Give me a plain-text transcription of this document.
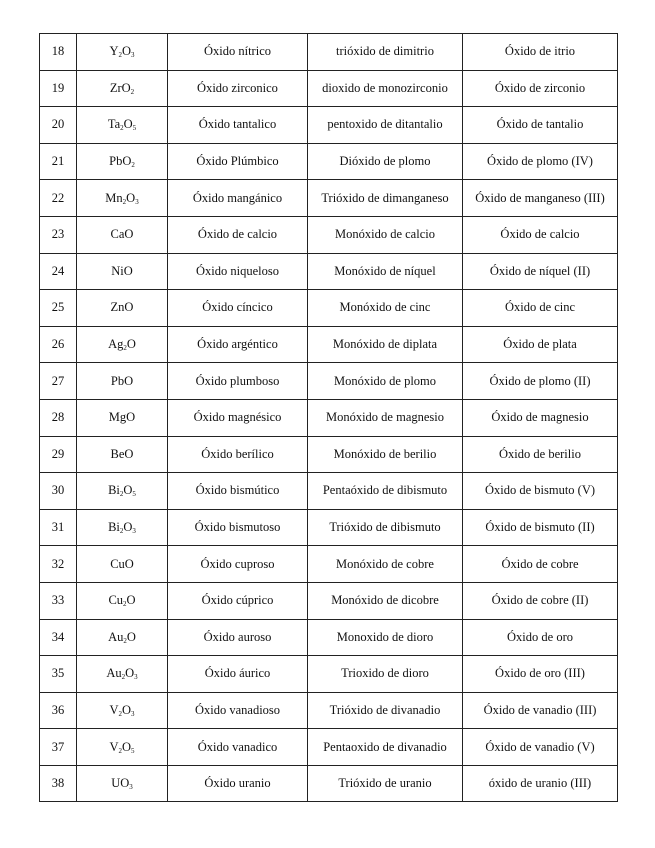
18	$Y_2O_3$	Óxido nítrico	trióxido de dimitrio	Óxido de itrio
19	ZrO$_2$	Óxido zirconico	dioxido de monozirconio	Óxido de zirconio
20	$Ta_2O_5$	Óxido tantalico	pentoxido de ditantalio	Óxido de tantalio
21	PbO$_2$	Óxido Plúmbico	Dióxido de plomo	Óxido de plomo (IV)
22	$Mn_2O_3$	Óxido mangánico	Trióxido de dimanganeso	Óxido de manganeso (III)
23	CaO	Óxido de calcio	Monóxido de calcio	Óxido de calcio
24	NiO	Óxido niqueloso	Monóxido de níquel	Óxido de níquel (II)
25	ZnO	Óxido cíncico	Monóxido de cinc	Óxido de cinc
26	$Ag_2O$	Óxido argéntico	Monóxido de diplata	Óxido de plata
27	PbO	Óxido plumboso	Monóxido de plomo	Óxido de plomo (II)
28	MgO	Óxido magnésico	Monóxido de magnesio	Óxido de magnesio
29	BeO	Óxido berílico	Monóxido de berilio	Óxido de berilio
30	$Bi_2O_5$	Óxido bismútico	Pentaóxido de dibismuto	Óxido de bismuto (V)
31	$Bi_2O_3$	Óxido bismutoso	Trióxido de dibismuto	Óxido de bismuto (II)
32	CuO	Óxido cuproso	Monóxido de cobre	Óxido de cobre
33	$Cu_2O$	Óxido cúprico	Monóxido de dicobre	Óxido de cobre (II)
34	$Au_2O$	Óxido auroso	Monoxido de dioro	Óxido de oro
35	$Au_2O_3$	Óxido áurico	Trioxido de dioro	Óxido de oro (III)
36	$V_2O_3$	Óxido vanadioso	Trióxido de divanadio	Óxido de vanadio (III)
37	$V_2O_5$	Óxido vanadico	Pentaoxido de divanadio	Óxido de vanadio (V)
38	$UO_3$	Óxido uranio	Trióxido de uranio	óxido de uranio (III)
